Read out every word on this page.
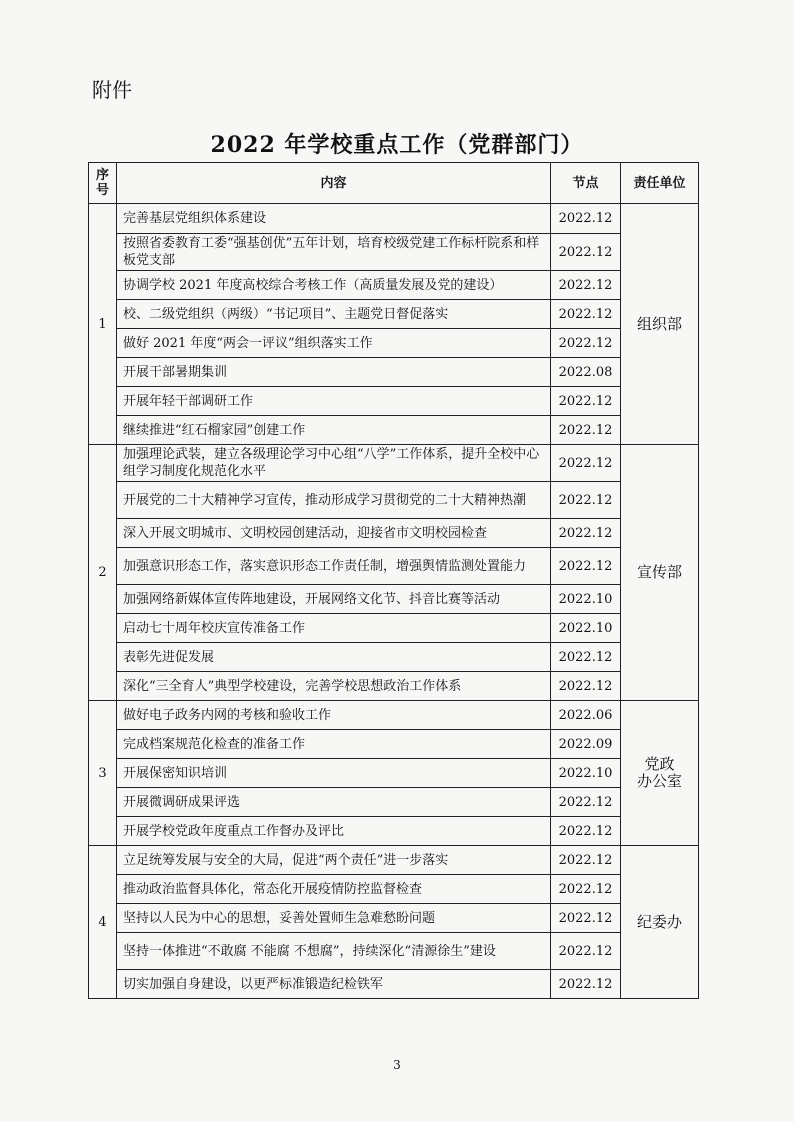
附件
2022 年学校重点工作（党群部门）
序号	内容	节点	责任单位
1	完善基层党组织体系建设	2022.12	组织部
	按照省委教育工委“强基创优”五年计划，培育校级党建工作标杆院系和样板党支部	2022.12	
	协调学校 2021 年度高校综合考核工作（高质量发展及党的建设）	2022.12	
	校、二级党组织（两级）“书记项目”、主题党日督促落实	2022.12	
	做好 2021 年度“两会一评议”组织落实工作	2022.12	
	开展干部暑期集训	2022.08	
	开展年轻干部调研工作	2022.12	
	继续推进“红石榴家园”创建工作	2022.12	
2	加强理论武装，建立各级理论学习中心组“八学”工作体系，提升全校中心组学习制度化规范化水平	2022.12	宣传部
	开展党的二十大精神学习宣传，推动形成学习贯彻党的二十大精神热潮	2022.12	
	深入开展文明城市、文明校园创建活动，迎接省市文明校园检查	2022.12	
	加强意识形态工作，落实意识形态工作责任制，增强舆情监测处置能力	2022.12	
	加强网络新媒体宣传阵地建设，开展网络文化节、抖音比赛等活动	2022.10	
	启动七十周年校庆宣传准备工作	2022.10	
	表彰先进促发展	2022.12	
	深化“三全育人”典型学校建设，完善学校思想政治工作体系	2022.12	
3	做好电子政务内网的考核和验收工作	2022.06	党政
办公室

	完成档案规范化检查的准备工作	2022.09	
	开展保密知识培训	2022.10	
	开展微调研成果评选	2022.12	
	开展学校党政年度重点工作督办及评比	2022.12	
4	立足统筹发展与安全的大局，促进“两个责任”进一步落实	2022.12	纪委办
	推动政治监督具体化，常态化开展疫情防控监督检查	2022.12	
	坚持以人民为中心的思想，妥善处置师生急难愁盼问题	2022.12	
	坚持一体推进“不敢腐 不能腐 不想腐”，持续深化“清源徐生”建设	2022.12	
	切实加强自身建设，以更严标准锻造纪检铁军	2022.12	
3
